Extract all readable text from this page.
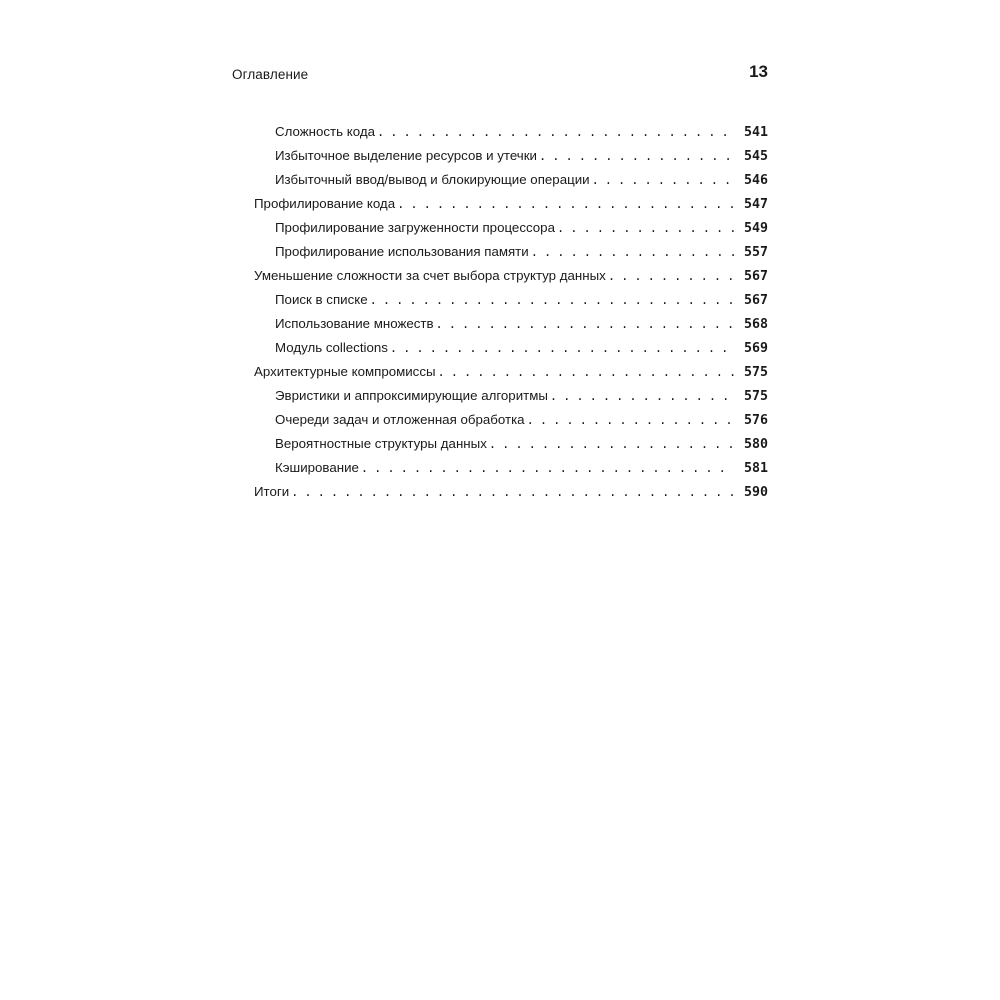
Оглавление	13
Сложность кода . . .	541
Избыточное выделение ресурсов и утечки . . .	545
Избыточный ввод/вывод и блокирующие операции . . .	546
Профилирование кода . . .	547
Профилирование загруженности процессора . . .	549
Профилирование использования памяти . . .	557
Уменьшение сложности за счет выбора структур данных . . .	567
Поиск в списке . . .	567
Использование множеств . . .	568
Модуль collections . . .	569
Архитектурные компромиссы . . .	575
Эвристики и аппроксимирующие алгоритмы . . .	575
Очереди задач и отложенная обработка . . .	576
Вероятностные структуры данных . . .	580
Кэширование . . .	581
Итоги . . .	590
